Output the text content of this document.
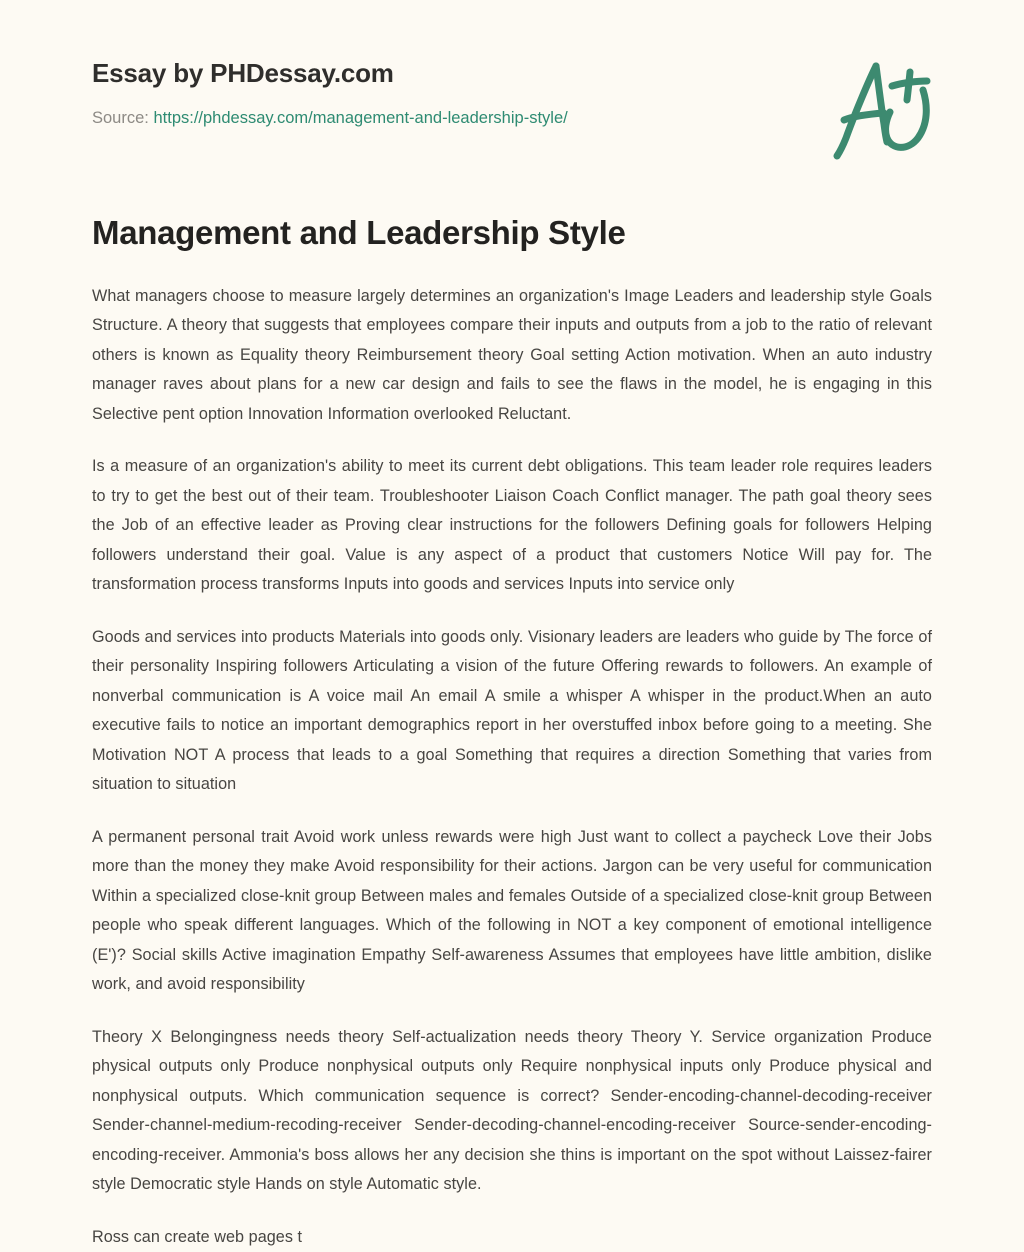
Essay by PHDessay.com

Source: https://phdessay.com/management-and-leadership-style/

Management and Leadership Style

What managers choose to measure largely determines an organization's Image Leaders and leadership style Goals Structure. A theory that suggests that employees compare their inputs and outputs from a job to the ratio of relevant others is known as Equality theory Reimbursement theory Goal setting Action motivation. When an auto industry manager raves about plans for a new car design and fails to see the flaws in the model, he is engaging in this Selective pent option Innovation Information overlooked Reluctant.

Is a measure of an organization's ability to meet its current debt obligations. This team leader role requires leaders to try to get the best out of their team. Troubleshooter Liaison Coach Conflict manager. The path goal theory sees the Job of an effective leader as Proving clear instructions for the followers Defining goals for followers Helping followers understand their goal. Value is any aspect of a product that customers Notice Will pay for. The transformation process transforms Inputs into goods and services Inputs into service only

Goods and services into products Materials into goods only. Visionary leaders are leaders who guide by The force of their personality Inspiring followers Articulating a vision of the future Offering rewards to followers. An example of nonverbal communication is A voice mail An email A smile a whisper A whisper in the product.When an auto executive fails to notice an important demographics report in her overstuffed inbox before going to a meeting. She Motivation NOT A process that leads to a goal Something that requires a direction Something that varies from situation to situation

A permanent personal trait Avoid work unless rewards were high Just want to collect a paycheck Love their Jobs more than the money they make Avoid responsibility for their actions. Jargon can be very useful for communication Within a specialized close-knit group Between males and females Outside of a specialized close-knit group Between people who speak different languages. Which of the following in NOT a key component of emotional intelligence (E')? Social skills Active imagination Empathy Self-awareness Assumes that employees have little ambition, dislike work, and avoid responsibility

Theory X Belongingness needs theory Self-actualization needs theory Theory Y. Service organization Produce physical outputs only Produce nonphysical outputs only Require nonphysical inputs only Produce physical and nonphysical outputs. Which communication sequence is correct? Sender-encoding-channel-decoding-receiver Sender-channel-medium-recoding-receiver Sender-decoding-channel-encoding-receiver Source-sender-encoding-encoding-receiver. Ammonia's boss allows her any decision she thins is important on the spot without Laissez-fairer style Democratic style Hands on style Automatic style.

Ross can create web pages t
